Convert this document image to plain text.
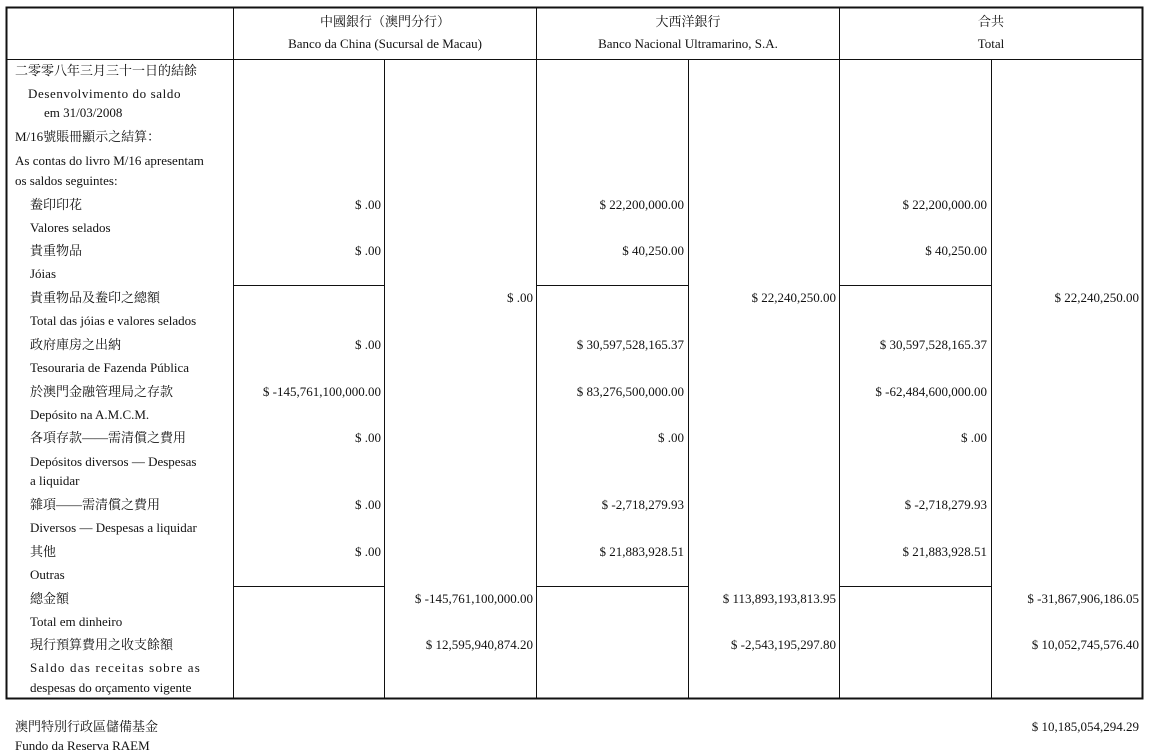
中國銀行（澳門分行）
Banco da China (Sucursal de Macau)
大西洋銀行
Banco Nacional Ultramarino, S.A.
合共
Total
二零零八年三月三十一日的結餘
Desenvolvimento do saldo
em 31/03/2008
M/16號賬冊顯示之結算：
As contas do livro M/16 apresentam
os saldos seguintes:
鲞印印花
Valores selados
$ .00	$ 22,200,000.00	$ 22,200,000.00
貴重物品
Jóias
$ .00	$ 40,250.00	$ 40,250.00
貴重物品及鲞印之總額
Total das jóias e valores selados
$ .00	$ 22,240,250.00	$ 22,240,250.00
政府庫房之出納
Tesouraria de Fazenda Pública
$ .00	$ 30,597,528,165.37	$ 30,597,528,165.37
於澳門金融管理局之存款
Depósito na A.M.C.M.
$ -145,761,100,000.00	$ 83,276,500,000.00	$ -62,484,600,000.00
各項存款——需清償之費用
Depósitos diversos — Despesas
a liquidar
$ .00	$ .00	$ .00
雜項——需清償之費用
Diversos — Despesas a liquidar
$ .00	$ -2,718,279.93	$ -2,718,279.93
其他
Outras
$ .00	$ 21,883,928.51	$ 21,883,928.51
總金額
Total em dinheiro
$ -145,761,100,000.00	$ 113,893,193,813.95	$ -31,867,906,186.05
現行預算費用之收支餘額
Saldo das receitas sobre as
despesas do orçamento vigente
$ 12,595,940,874.20	$ -2,543,195,297.80	$ 10,052,745,576.40
澳門特別行政區儲備基金
Fundo da Reserva RAEM
$ 10,185,054,294.29
